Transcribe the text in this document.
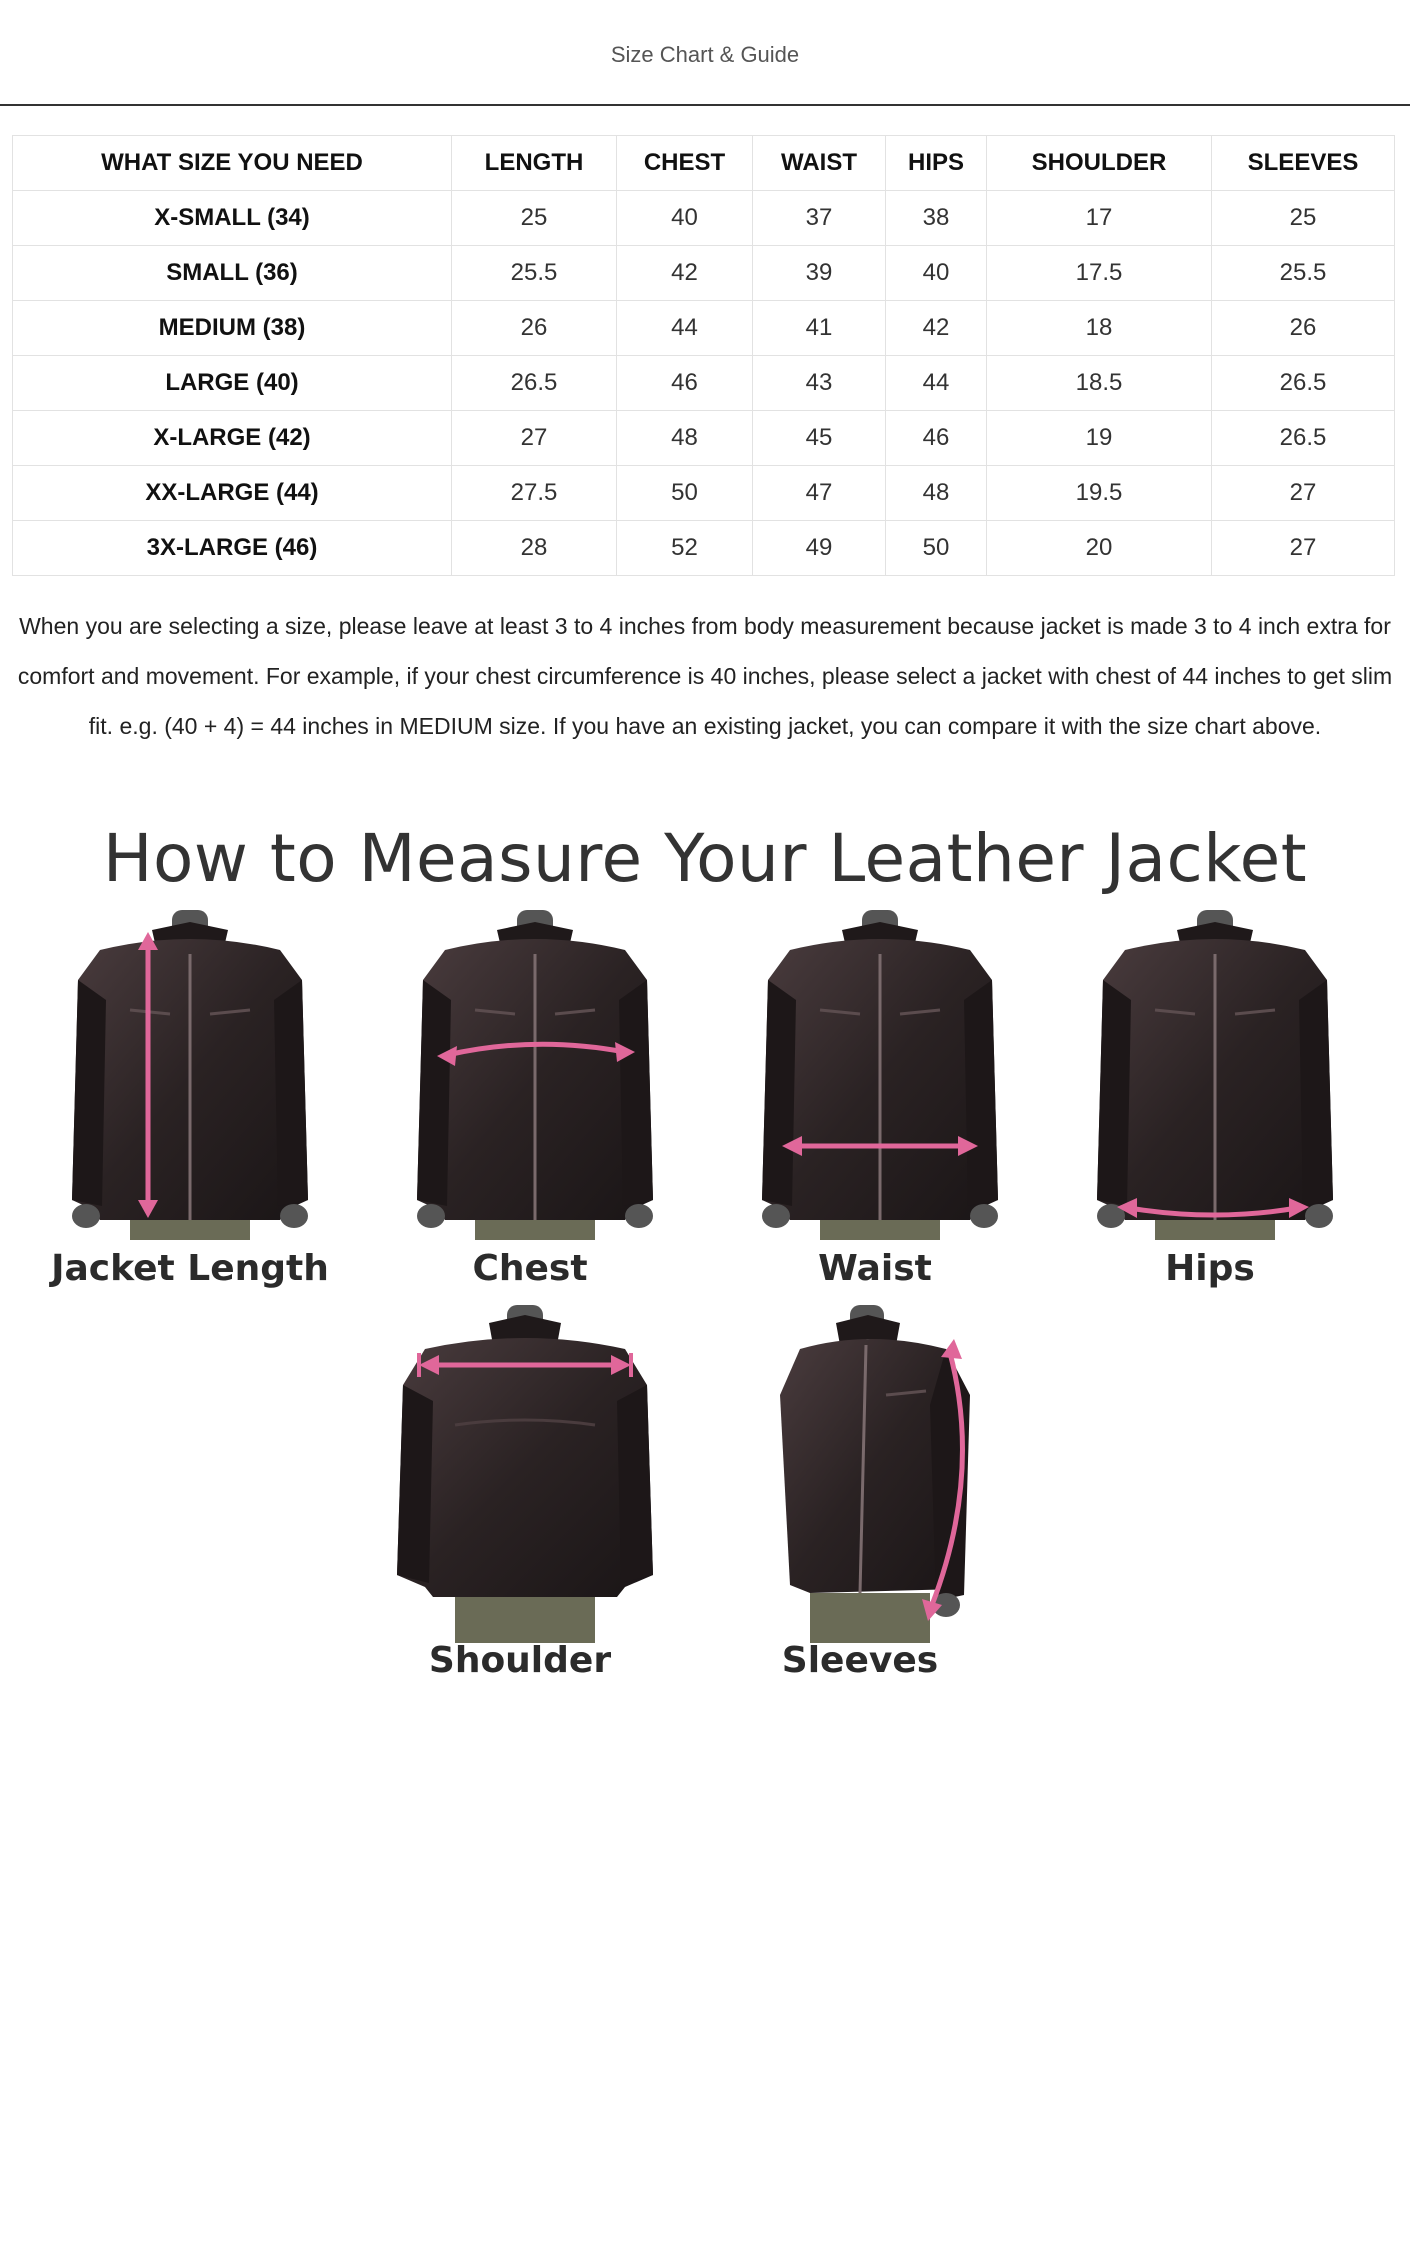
Size Chart & Guide
WHAT SIZE YOU NEED	LENGTH	CHEST	WAIST	HIPS	SHOULDER	SLEEVES
X-SMALL (34)	25	40	37	38	17	25
SMALL (36)	25.5	42	39	40	17.5	25.5
MEDIUM (38)	26	44	41	42	18	26
LARGE (40)	26.5	46	43	44	18.5	26.5
X-LARGE (42)	27	48	45	46	19	26.5
XX-LARGE (44)	27.5	50	47	48	19.5	27
3X-LARGE (46)	28	52	49	50	20	27
When you are selecting a size, please leave at least 3 to 4 inches from body measurement because jacket is made 3 to 4 inch extra for comfort and movement. For example, if your chest circumference is 40 inches, please select a jacket with chest of 44 inches to get slim fit. e.g. (40 + 4) = 44 inches in MEDIUM size. If you have an existing jacket, you can compare it with the size chart above.
How to Measure Your Leather Jacket
Jacket Length	Chest	Waist	Hips
Shoulder	Sleeves
